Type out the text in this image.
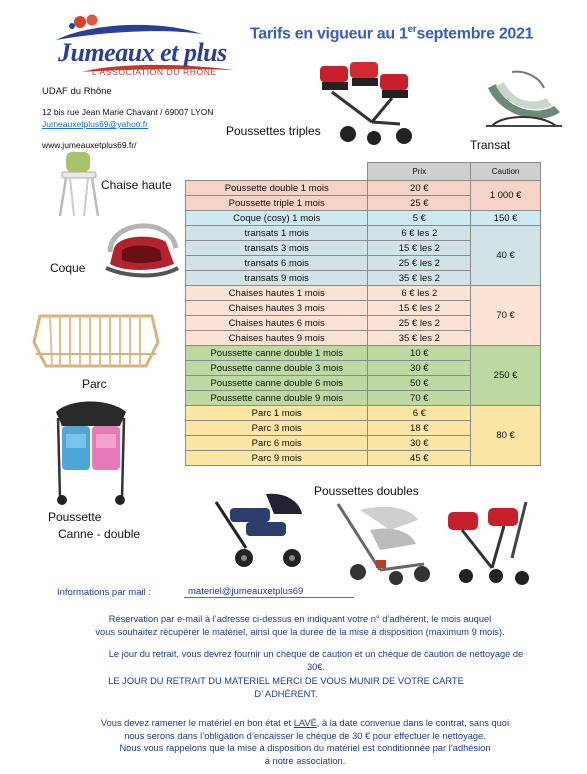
Jumeaux et plus
L'ASSOCIATION DU RHÔNE
UDAF du Rhône
12 bis rue Jean Marie Chavant / 69007 LYON
Jumeauxetplus69@yahoo.fr
www.jumeauxetplus69.fr/
Tarifs en vigueur au 1erseptembre 2021
Poussettes triples
Transat
Chaise haute
Coque
Parc
Poussette
Canne - double
Poussettes doubles
	Prix	Caution
Poussette double 1 mois	20 €	1 000 €
Poussette triple 1 mois	25 €	
Coque (cosy) 1 mois	5 €	150 €
transats 1 mois	6 € les 2	40 €
transats 3 mois	15 € les 2	
transats 6 mois	25 € les 2	
transats 9 mois	35 € les 2	
Chaises hautes 1 mois	6 € les 2	70 €
Chaises hautes 3 mois	15 € les 2	
Chaises hautes 6 mois	25 € les 2	
Chaises hautes 9 mois	35 € les 2	
Poussette canne double 1 mois	10 €	250 €
Poussette canne double 3 mois	30 €	
Poussette canne double 6 mois	50 €	
Poussette canne double 9 mois	70 €	
Parc 1 mois	6 €	80 €
Parc 3 mois	18 €	
Parc 6 mois	30 €	
Parc 9 mois	45 €	
Informations par mail :	materiel@jumeauxetplus69
Réservation par e-mail à l’adresse ci-dessus en indiquant votre n° d’adhérent, le mois auquel
vous souhaitez récupérer le matériel, ainsi que la durée de la mise à disposition (maximum 9 mois).
Le jour du retrait, vous devrez fournir un chèque de caution et un chèque de caution de nettoyage de
30€.
LE JOUR DU RETRAIT DU MATERIEL MERCI DE VOUS MUNIR DE VOTRE CARTE
D’ ADHÉRENT.
Vous devez ramener le matériel en bon état et LAVÉ, à la date convenue dans le contrat, sans quoi
nous serons dans l’obligation d’encaisser le chèque de 30 € pour effectuer le nettoyage.
Nous vous rappelons que la mise à disposition du matériel est conditionnée par l’adhésion
à notre association.
